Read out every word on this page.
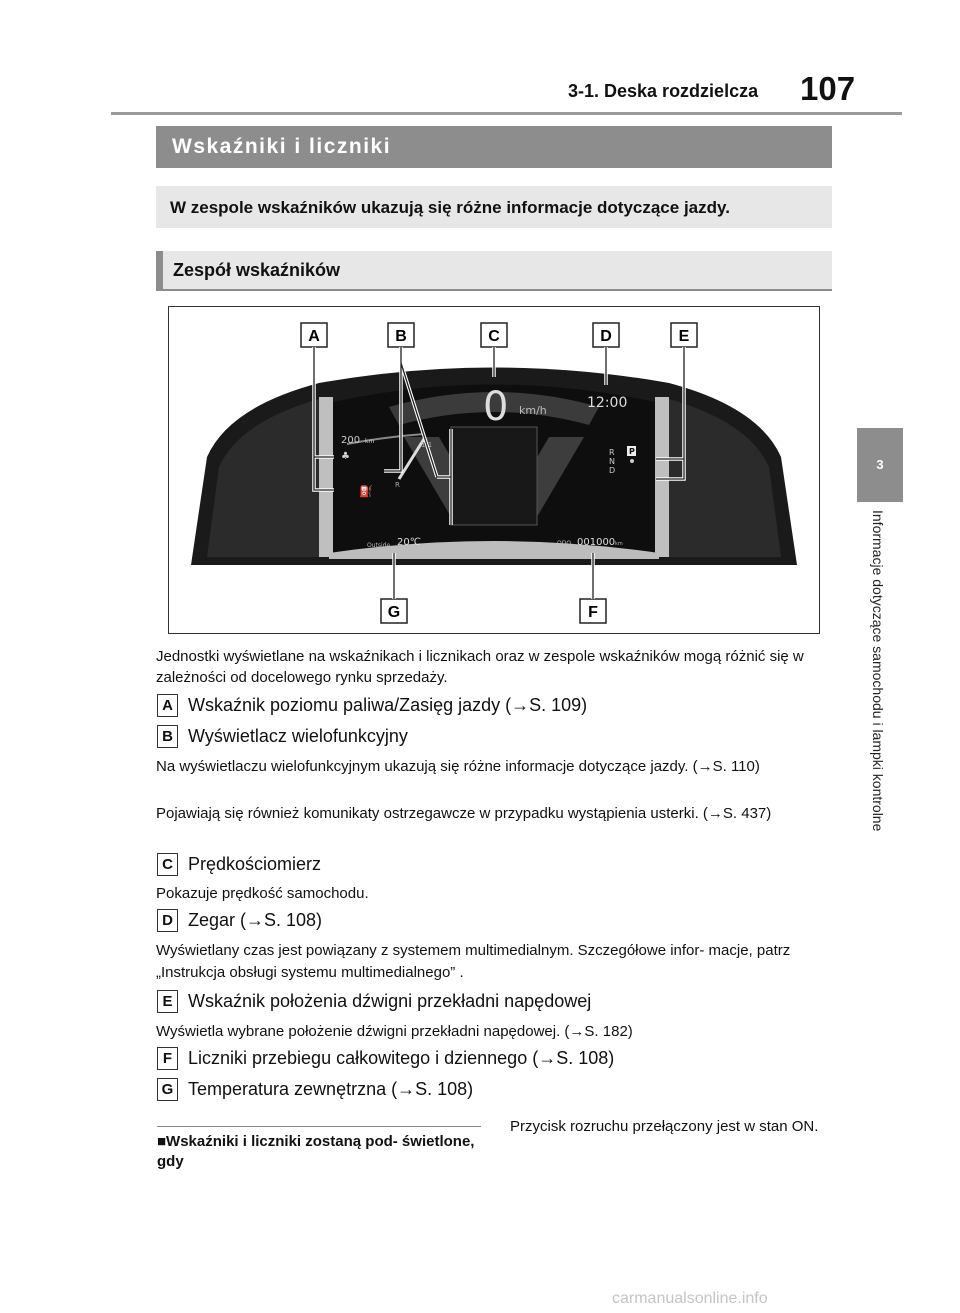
3-1. Deska rozdzielcza 107
Wskaźniki i liczniki
W zespole wskaźników ukazują się różne informacje dotyczące jazdy.
Zespół wskaźników
0 km/h	12:00
200 km	1/1
R
⛽
♣
Outside 20℃	ODO 001000 km
R
N
D
P
A	B	C	D	E
F
G
Jednostki wyświetlane na wskaźnikach i licznikach oraz w zespole wskaźników mogą różnić się w zależności od docelowego rynku sprzedaży.
A Wskaźnik poziomu paliwa/Zasięg jazdy (→S. 109)
B Wyświetlacz wielofunkcyjny
Na wyświetlaczu wielofunkcyjnym ukazują się różne informacje dotyczące jazdy. (→S. 110)
Pojawiają się również komunikaty ostrzegawcze w przypadku wystąpienia usterki. (→S. 437)
C Prędkościomierz
Pokazuje prędkość samochodu.
D Zegar (→S. 108)
Wyświetlany czas jest powiązany z systemem multimedialnym. Szczegółowe infor- macje, patrz „Instrukcja obsługi systemu multimedialnego” .
E Wskaźnik położenia dźwigni przekładni napędowej
Wyświetla wybrane położenie dźwigni przekładni napędowej. (→S. 182)
F Liczniki przebiegu całkowitego i dziennego (→S. 108)
G Temperatura zewnętrzna (→S. 108)
■Wskaźniki i liczniki zostaną pod- świetlone, gdy
Przycisk rozruchu przełączony jest w stan ON.
3
Informacje dotyczące samochodu i lampki kontrolne
carmanualsonline.info
